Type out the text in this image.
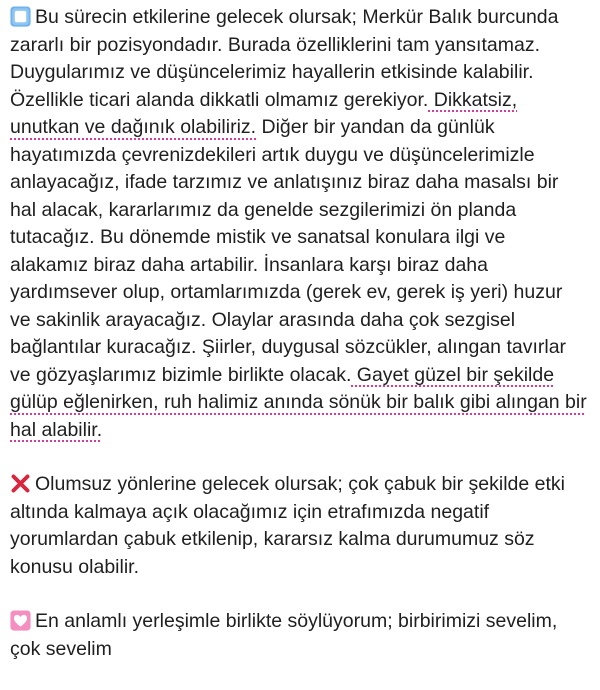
Bu sürecin etkilerine gelecek olursak; Merkür Balık burcunda zararlı bir pozisyondadır. Burada özelliklerini tam yansıtamaz. Duygularımız ve düşüncelerimiz hayallerin etkisinde kalabilir. Özellikle ticari alanda dikkatli olmamız gerekiyor. Dikkatsiz, unutkan ve dağınık olabiliriz. Diğer bir yandan da günlük hayatımızda çevrenizdekileri artık duygu ve düşüncelerimizle anlayacağız, ifade tarzımız ve anlatışınız biraz daha masalsı bir hal alacak, kararlarımız da genelde sezgilerimizi ön planda tutacağız. Bu dönemde mistik ve sanatsal konulara ilgi ve alakamız biraz daha artabilir. İnsanlara karşı biraz daha yardımsever olup, ortamlarımızda (gerek ev, gerek iş yeri) huzur ve sakinlik arayacağız. Olaylar arasında daha çok sezgisel bağlantılar kuracağız. Şiirler, duygusal sözcükler, alıngan tavırlar ve gözyaşlarımız bizimle birlikte olacak. Gayet güzel bir şekilde gülüp eğlenirken, ruh halimiz anında sönük bir balık gibi alıngan bir hal alabilir.

Olumsuz yönlerine gelecek olursak; çok çabuk bir şekilde etki altında kalmaya açık olacağımız için etrafımızda negatif yorumlardan çabuk etkilenip, kararsız kalma durumumuz söz konusu olabilir.

En anlamlı yerleşimle birlikte söylüyorum; birbirimizi sevelim, çok sevelim
